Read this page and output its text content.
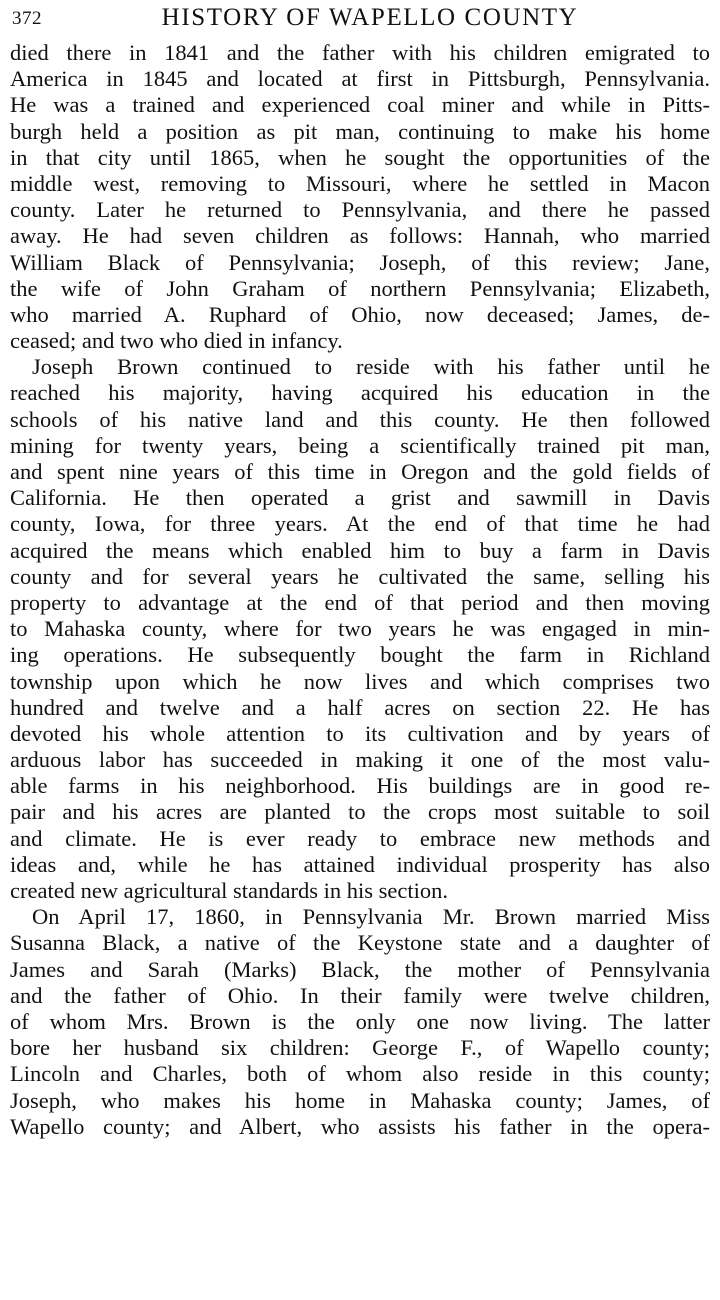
372	HISTORY OF WAPELLO COUNTY
died there in 1841 and the father with his children emigrated to
America in 1845 and located at first in Pittsburgh, Pennsylvania.
He was a trained and experienced coal miner and while in Pitts-
burgh held a position as pit man, continuing to make his home
in that city until 1865, when he sought the opportunities of the
middle west, removing to Missouri, where he settled in Macon
county. Later he returned to Pennsylvania, and there he passed
away. He had seven children as follows: Hannah, who married
William Black of Pennsylvania; Joseph, of this review; Jane,
the wife of John Graham of northern Pennsylvania; Elizabeth,
who married A. Ruphard of Ohio, now deceased; James, de-
ceased; and two who died in infancy.
Joseph Brown continued to reside with his father until he
reached his majority, having acquired his education in the
schools of his native land and this county. He then followed
mining for twenty years, being a scientifically trained pit man,
and spent nine years of this time in Oregon and the gold fields of
California. He then operated a grist and sawmill in Davis
county, Iowa, for three years. At the end of that time he had
acquired the means which enabled him to buy a farm in Davis
county and for several years he cultivated the same, selling his
property to advantage at the end of that period and then moving
to Mahaska county, where for two years he was engaged in min-
ing operations. He subsequently bought the farm in Richland
township upon which he now lives and which comprises two
hundred and twelve and a half acres on section 22. He has
devoted his whole attention to its cultivation and by years of
arduous labor has succeeded in making it one of the most valu-
able farms in his neighborhood. His buildings are in good re-
pair and his acres are planted to the crops most suitable to soil
and climate. He is ever ready to embrace new methods and
ideas and, while he has attained individual prosperity has also
created new agricultural standards in his section.
On April 17, 1860, in Pennsylvania Mr. Brown married Miss
Susanna Black, a native of the Keystone state and a daughter of
James and Sarah (Marks) Black, the mother of Pennsylvania
and the father of Ohio. In their family were twelve children,
of whom Mrs. Brown is the only one now living. The latter
bore her husband six children: George F., of Wapello county;
Lincoln and Charles, both of whom also reside in this county;
Joseph, who makes his home in Mahaska county; James, of
Wapello county; and Albert, who assists his father in the opera-
